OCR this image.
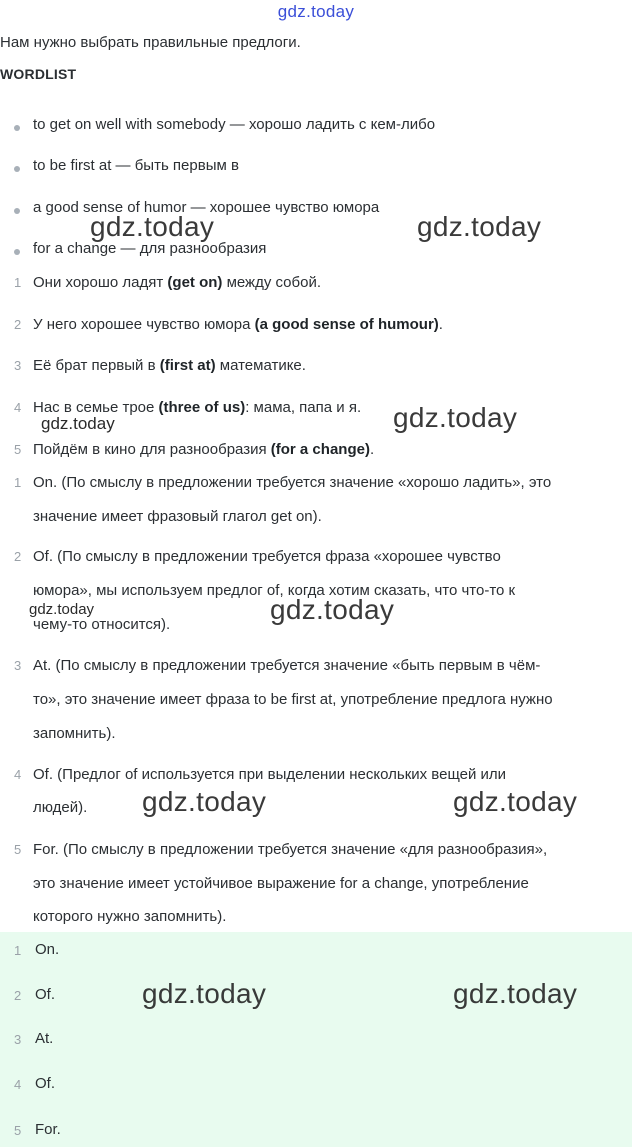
gdz.today
Нам нужно выбрать правильные предлоги.
WORDLIST
to get on well with somebody — хорошо ладить с кем-либо
to be first at — быть первым в
a good sense of humor — хорошее чувство юмора
for a change — для разнообразия
1 Они хорошо ладят (get on) между собой.
2 У него хорошее чувство юмора (a good sense of humour).
3 Её брат первый в (first at) математике.
4 Нас в семье трое (three of us): мама, папа и я.
5 Пойдём в кино для разнообразия (for a change).
1 On. (По смыслу в предложении требуется значение «хорошо ладить», это
значение имеет фразовый глагол get on).
2 Of. (По смыслу в предложении требуется фраза «хорошее чувство
юмора», мы используем предлог of, когда хотим сказать, что что-то к
чему-то относится).
3 At. (По смыслу в предложении требуется значение «быть первым в чём-
то», это значение имеет фраза to be first at, употребление предлога нужно
запомнить).
4 Of. (Предлог of используется при выделении нескольких вещей или
людей).
5 For. (По смыслу в предложении требуется значение «для разнообразия»,
это значение имеет устойчивое выражение for a change, употребление
которого нужно запомнить).
1 On.
2 Of.
3 At.
4 Of.
5 For.
gdz.today	gdz.today
gdz.today	gdz.today
gdz.today	gdz.today
gdz.today	gdz.today
gdz.today	gdz.today
